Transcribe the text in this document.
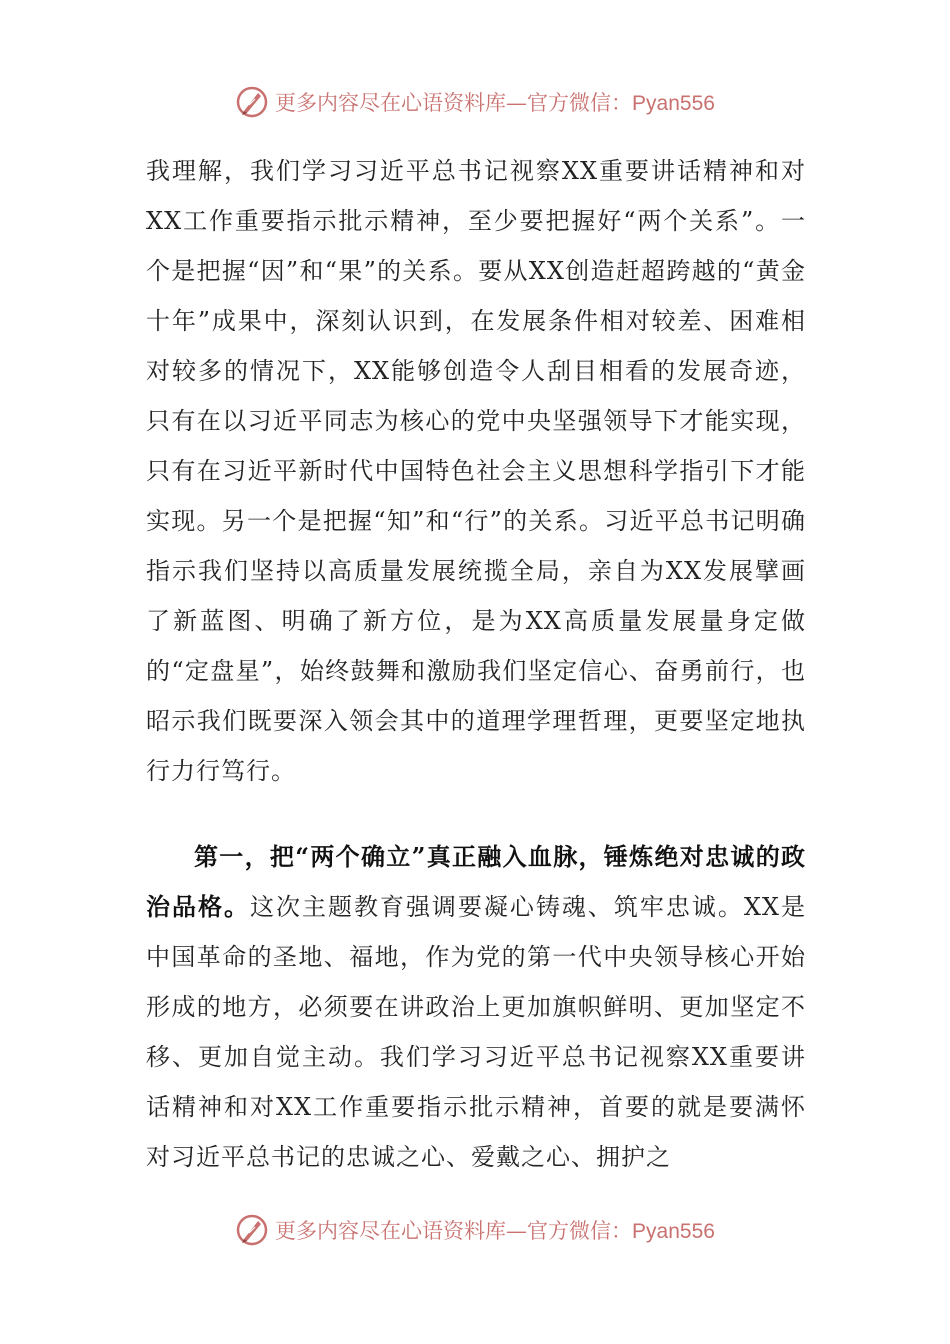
更多内容尽在心语资料库—官方微信：Pyan556

我理解，我们学习习近平总书记视察XX重要讲话精神和对XX工作重要指示批示精神，至少要把握好“两个关系”。一个是把握“因”和“果”的关系。要从XX创造赶超跨越的“黄金十年”成果中，深刻认识到，在发展条件相对较差、困难相对较多的情况下，XX能够创造令人刮目相看的发展奇迹，只有在以习近平同志为核心的党中央坚强领导下才能实现，只有在习近平新时代中国特色社会主义思想科学指引下才能实现。另一个是把握“知”和“行”的关系。习近平总书记明确指示我们坚持以高质量发展统揽全局，亲自为XX发展擘画了新蓝图、明确了新方位，是为XX高质量发展量身定做的“定盘星”，始终鼓舞和激励我们坚定信心、奋勇前行，也昭示我们既要深入领会其中的道理学理哲理，更要坚定地执行力行笃行。

第一，把“两个确立”真正融入血脉，锤炼绝对忠诚的政治品格。这次主题教育强调要凝心铸魂、筑牢忠诚。XX是中国革命的圣地、福地，作为党的第一代中央领导核心开始形成的地方，必须要在讲政治上更加旗帜鲜明、更加坚定不移、更加自觉主动。我们学习习近平总书记视察XX重要讲话精神和对XX工作重要指示批示精神，首要的就是要满怀对习近平总书记的忠诚之心、爱戴之心、拥护之

更多内容尽在心语资料库—官方微信：Pyan556
